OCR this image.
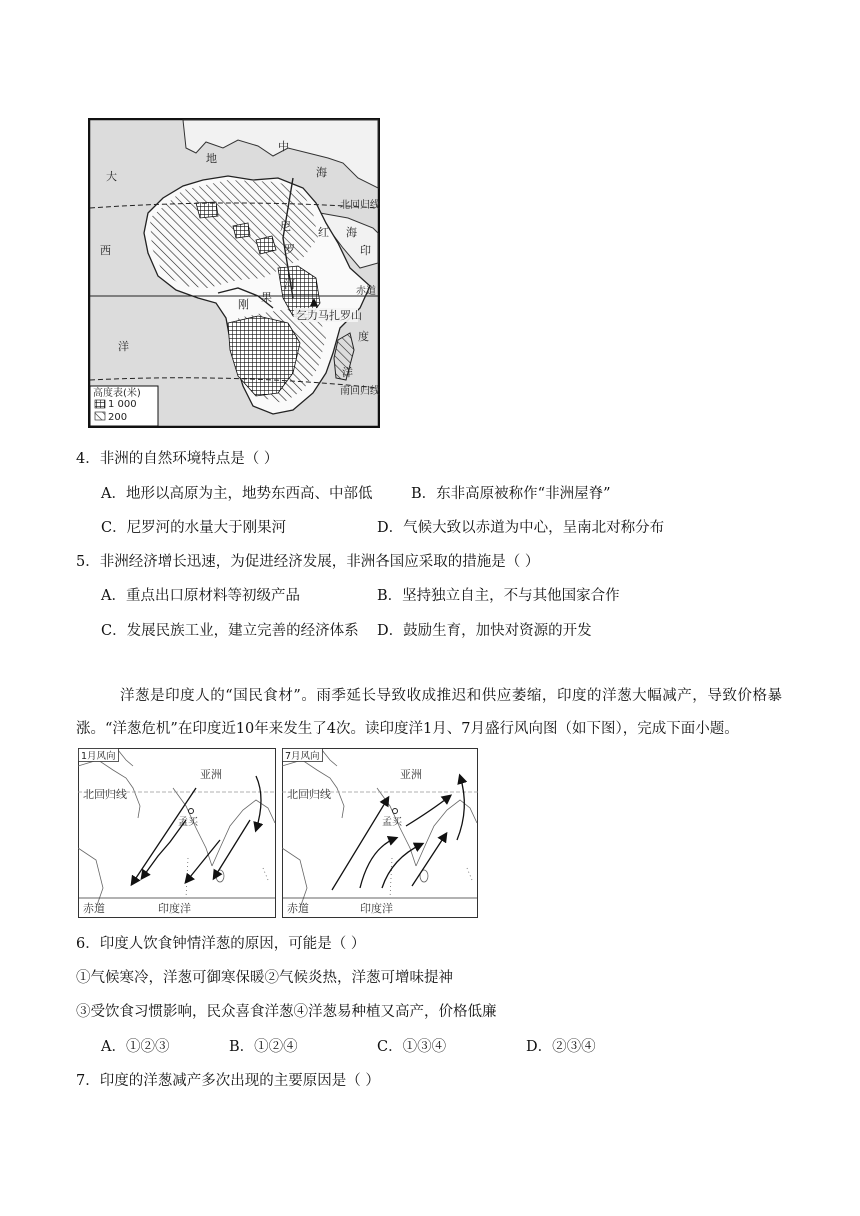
大
西
洋
地
中
海
红 海
尼
罗
刚
果
河
乞力马扎罗山
印
度
洋
北回归线
赤道
南回归线
高度表(米)
1 000
200
4．非洲的自然环境特点是（ ）
A．地形以高原为主，地势东西高、中部低	B．东非高原被称作“非洲屋脊”
C．尼罗河的水量大于刚果河	D．气候大致以赤道为中心，呈南北对称分布
5．非洲经济增长迅速，为促进经济发展，非洲各国应采取的措施是（ ）
A．重点出口原材料等初级产品	B．坚持独立自主，不与其他国家合作
C．发展民族工业，建立完善的经济体系 D．鼓励生育，加快对资源的开发
洋葱是印度人的“国民食材”。雨季延长导致收成推迟和供应萎缩，印度的洋葱大幅减产，导致价格暴涨。“洋葱危机”在印度近10年来发生了4次。读印度洋1月、7月盛行风向图（如下图），完成下面小题。
1月风向
北回归线
亚洲
孟买
赤道	印度洋
7月风向
北回归线
亚洲
孟买
赤道	印度洋
6．印度人饮食钟情洋葱的原因，可能是（ ）
①气候寒冷，洋葱可御寒保暖②气候炎热，洋葱可增味提神
③受饮食习惯影响，民众喜食洋葱④洋葱易种植又高产，价格低廉
A．①②③	B．①②④	C．①③④	D．②③④
7．印度的洋葱减产多次出现的主要原因是（ ）
